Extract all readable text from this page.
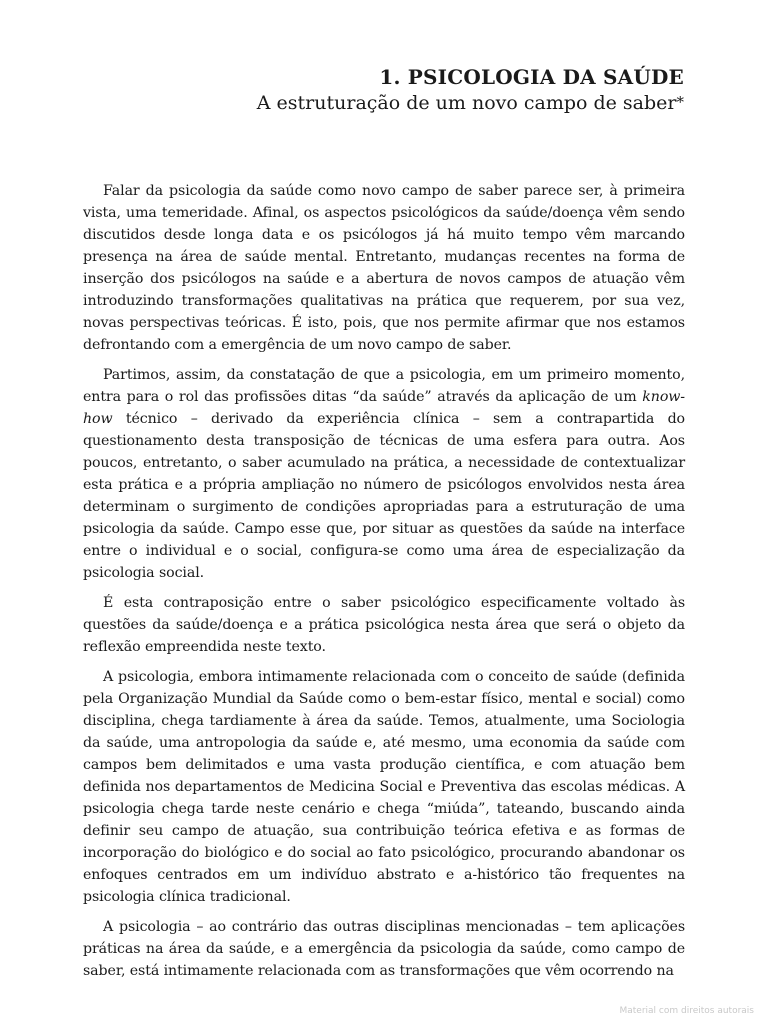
1. PSICOLOGIA DA SAÚDE

A estruturação de um novo campo de saber*

Falar da psicologia da saúde como novo campo de saber parece ser, à primeira vista, uma temeridade. Afinal, os aspectos psicológicos da saúde/doença vêm sendo discutidos desde longa data e os psicólogos já há muito tempo vêm marcando presença na área de saúde mental. Entretanto, mudanças recentes na forma de inserção dos psicólogos na saúde e a abertura de novos campos de atuação vêm introduzindo transformações qualitativas na prática que requerem, por sua vez, novas perspectivas teóricas. É isto, pois, que nos permite afirmar que nos estamos defrontando com a emergência de um novo campo de saber.

Partimos, assim, da constatação de que a psicologia, em um primeiro momento, entra para o rol das profissões ditas “da saúde” através da aplicação de um know-how técnico – derivado da experiência clínica – sem a contrapartida do questionamento desta transposição de técnicas de uma esfera para outra. Aos poucos, entretanto, o saber acumulado na prática, a necessidade de contextualizar esta prática e a própria ampliação no número de psicólogos envolvidos nesta área determinam o surgimento de condições apropriadas para a estruturação de uma psicologia da saúde. Campo esse que, por situar as questões da saúde na interface entre o individual e o social, configura-se como uma área de especialização da psicologia social.

É esta contraposição entre o saber psicológico especificamente voltado às questões da saúde/doença e a prática psicológica nesta área que será o objeto da reflexão empreendida neste texto.

A psicologia, embora intimamente relacionada com o conceito de saúde (definida pela Organização Mundial da Saúde como o bem-estar físico, mental e social) como disciplina, chega tardiamente à área da saúde. Temos, atualmente, uma Sociologia da saúde, uma antropologia da saúde e, até mesmo, uma economia da saúde com campos bem delimitados e uma vasta produção científica, e com atuação bem definida nos departamentos de Medicina Social e Preventiva das escolas médicas. A psicologia chega tarde neste cenário e chega “miúda”, tateando, buscando ainda definir seu campo de atuação, sua contribuição teórica efetiva e as formas de incorporação do biológico e do social ao fato psicológico, procurando abandonar os enfoques centrados em um indivíduo abstrato e a-histórico tão frequentes na psicologia clínica tradicional.

A psicologia – ao contrário das outras disciplinas mencionadas – tem aplicações práticas na área da saúde, e a emergência da psicologia da saúde, como campo de saber, está intimamente relacionada com as transformações que vêm ocorrendo na

Material com direitos autorais
